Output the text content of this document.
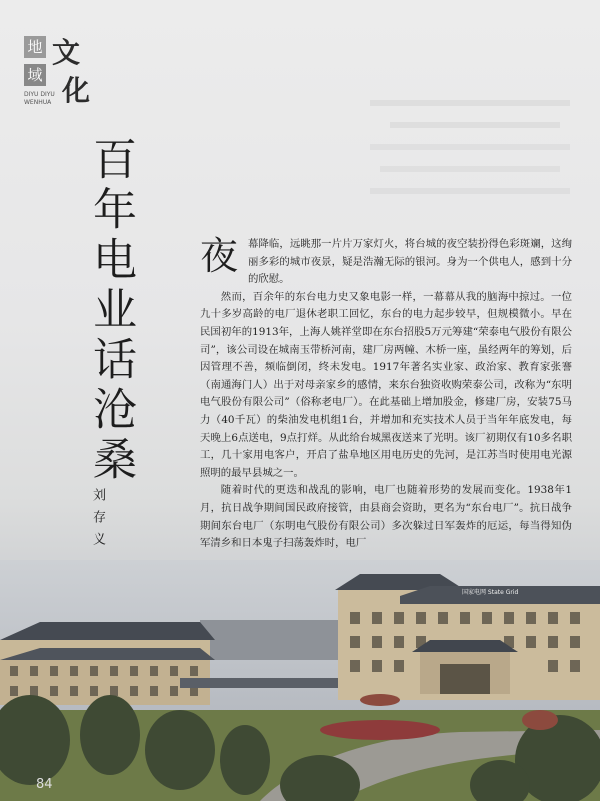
地
域
文
化
DIYU DIYU WENHUA
百年电业话沧桑
刘存义
夜 幕降临，远眺那一片片万家灯火，将台城的夜空装扮得色彩斑斓，这绚丽多彩的城市夜景，疑是浩瀚无际的银河。身为一个供电人，感到十分的欣慰。

然而，百余年的东台电力史又象电影一样，一幕幕从我的脑海中掠过。一位九十多岁高龄的电厂退休老职工回忆，东台的电力起步较早，但规模微小。早在民国初年的1913年，上海人姚祥堂即在东台招股5万元筹建“荣泰电气股份有限公司”，该公司设在城南玉带桥河南，建厂房两幢、木桥一座，虽经两年的筹划，后因管理不善，频临倒闭，终未发电。1917年著名实业家、政治家、教育家张謇（南通海门人）出于对母亲家乡的感情，来东台独资收购荣泰公司，改称为“东明电气股份有限公司”（俗称老电厂）。在此基础上增加股金，修建厂房，安装75马力（40千瓦）的柴油发电机组1台，并增加和充实技术人员于当年年底发电，每天晚上6点送电，9点打烊。从此给台城黑夜送来了光明。该厂初期仅有10多名职工，几十家用电客户，开启了盐阜地区用电历史的先河，是江苏当时使用电光源照明的最早县城之一。

随着时代的更迭和战乱的影响，电厂也随着形势的发展而变化。1938年1月，抗日战争期间国民政府接管，由县商会资助，更名为“东台电厂”。抗日战争期间东台电厂（东明电气股份有限公司）多次躲过日军轰炸的厄运，每当得知伪军清乡和日本鬼子扫荡轰炸时，电厂

国家电网 State Grid
84
